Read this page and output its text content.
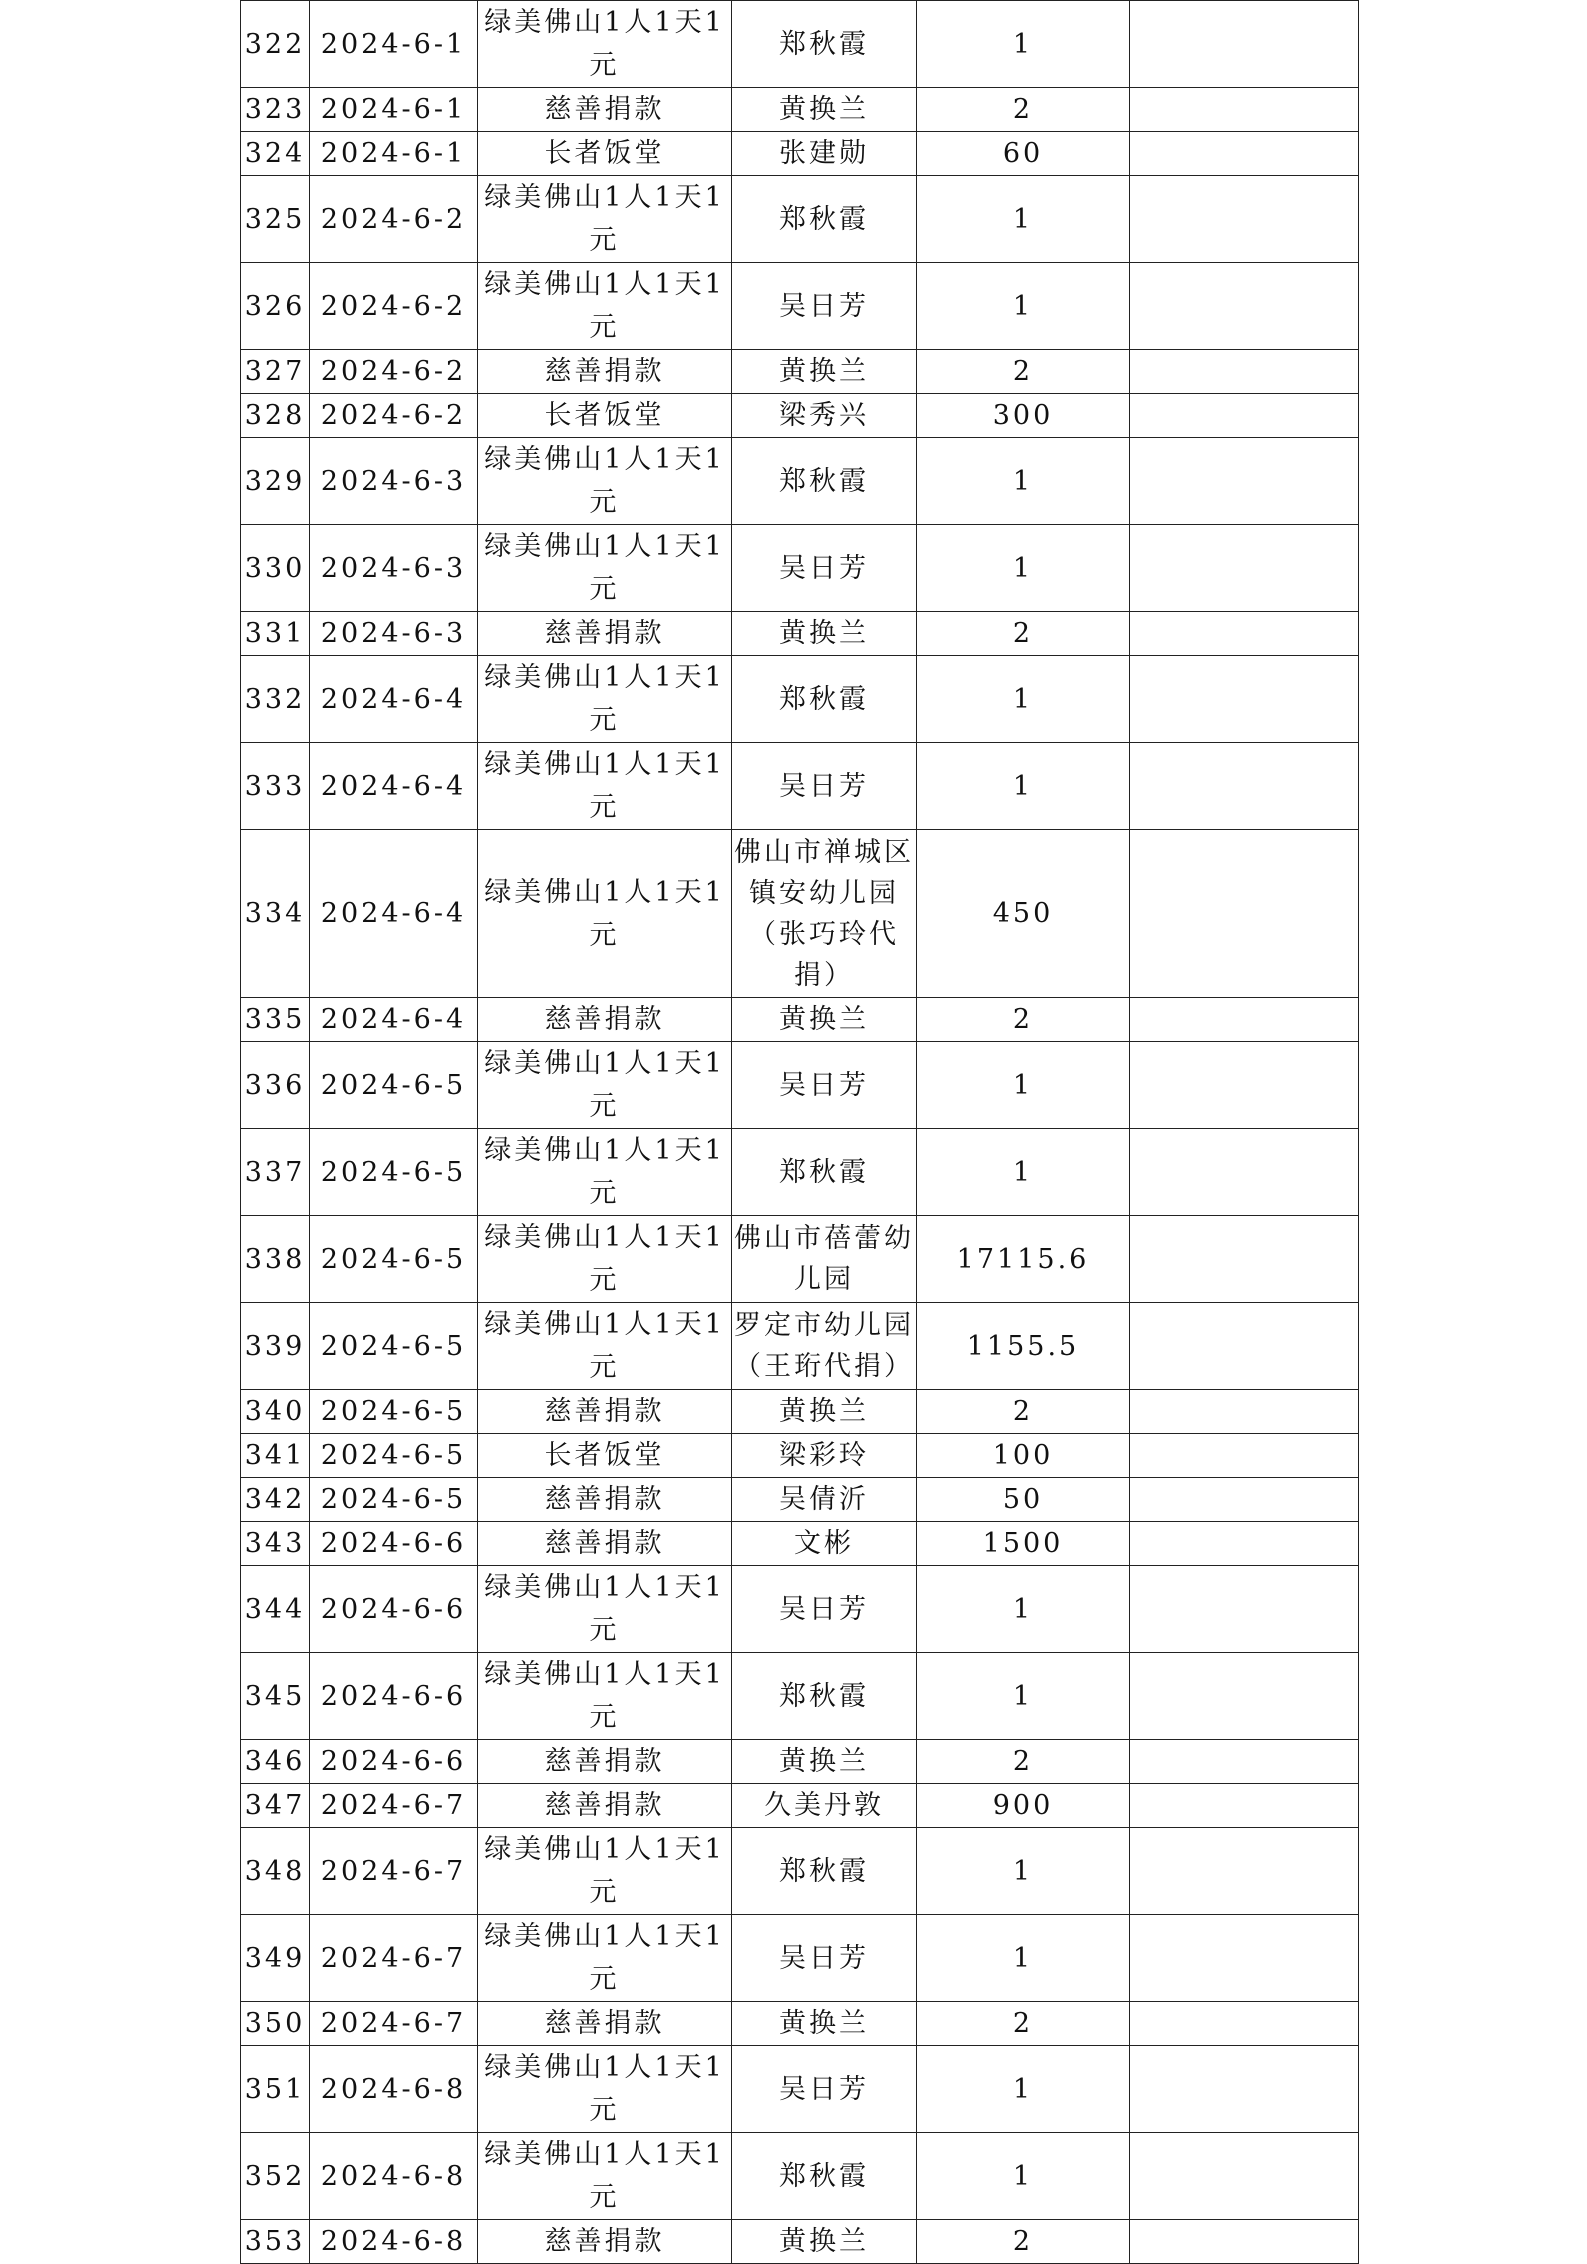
322	2024-6-1	绿美佛山1人1天1元	郑秋霞	1	
323	2024-6-1	慈善捐款	黄换兰	2	
324	2024-6-1	长者饭堂	张建勋	60	
325	2024-6-2	绿美佛山1人1天1元	郑秋霞	1	
326	2024-6-2	绿美佛山1人1天1元	吴日芳	1	
327	2024-6-2	慈善捐款	黄换兰	2	
328	2024-6-2	长者饭堂	梁秀兴	300	
329	2024-6-3	绿美佛山1人1天1元	郑秋霞	1	
330	2024-6-3	绿美佛山1人1天1元	吴日芳	1	
331	2024-6-3	慈善捐款	黄换兰	2	
332	2024-6-4	绿美佛山1人1天1元	郑秋霞	1	
333	2024-6-4	绿美佛山1人1天1元	吴日芳	1	
334	2024-6-4	绿美佛山1人1天1元	佛山市禅城区镇安幼儿园（张巧玲代捐）	450	
335	2024-6-4	慈善捐款	黄换兰	2	
336	2024-6-5	绿美佛山1人1天1元	吴日芳	1	
337	2024-6-5	绿美佛山1人1天1元	郑秋霞	1	
338	2024-6-5	绿美佛山1人1天1元	佛山市蓓蕾幼儿园	17115.6	
339	2024-6-5	绿美佛山1人1天1元	罗定市幼儿园（王珩代捐）	1155.5	
340	2024-6-5	慈善捐款	黄换兰	2	
341	2024-6-5	长者饭堂	梁彩玲	100	
342	2024-6-5	慈善捐款	吴倩沂	50	
343	2024-6-6	慈善捐款	文彬	1500	
344	2024-6-6	绿美佛山1人1天1元	吴日芳	1	
345	2024-6-6	绿美佛山1人1天1元	郑秋霞	1	
346	2024-6-6	慈善捐款	黄换兰	2	
347	2024-6-7	慈善捐款	久美丹敦	900	
348	2024-6-7	绿美佛山1人1天1元	郑秋霞	1	
349	2024-6-7	绿美佛山1人1天1元	吴日芳	1	
350	2024-6-7	慈善捐款	黄换兰	2	
351	2024-6-8	绿美佛山1人1天1元	吴日芳	1	
352	2024-6-8	绿美佛山1人1天1元	郑秋霞	1	
353	2024-6-8	慈善捐款	黄换兰	2	
